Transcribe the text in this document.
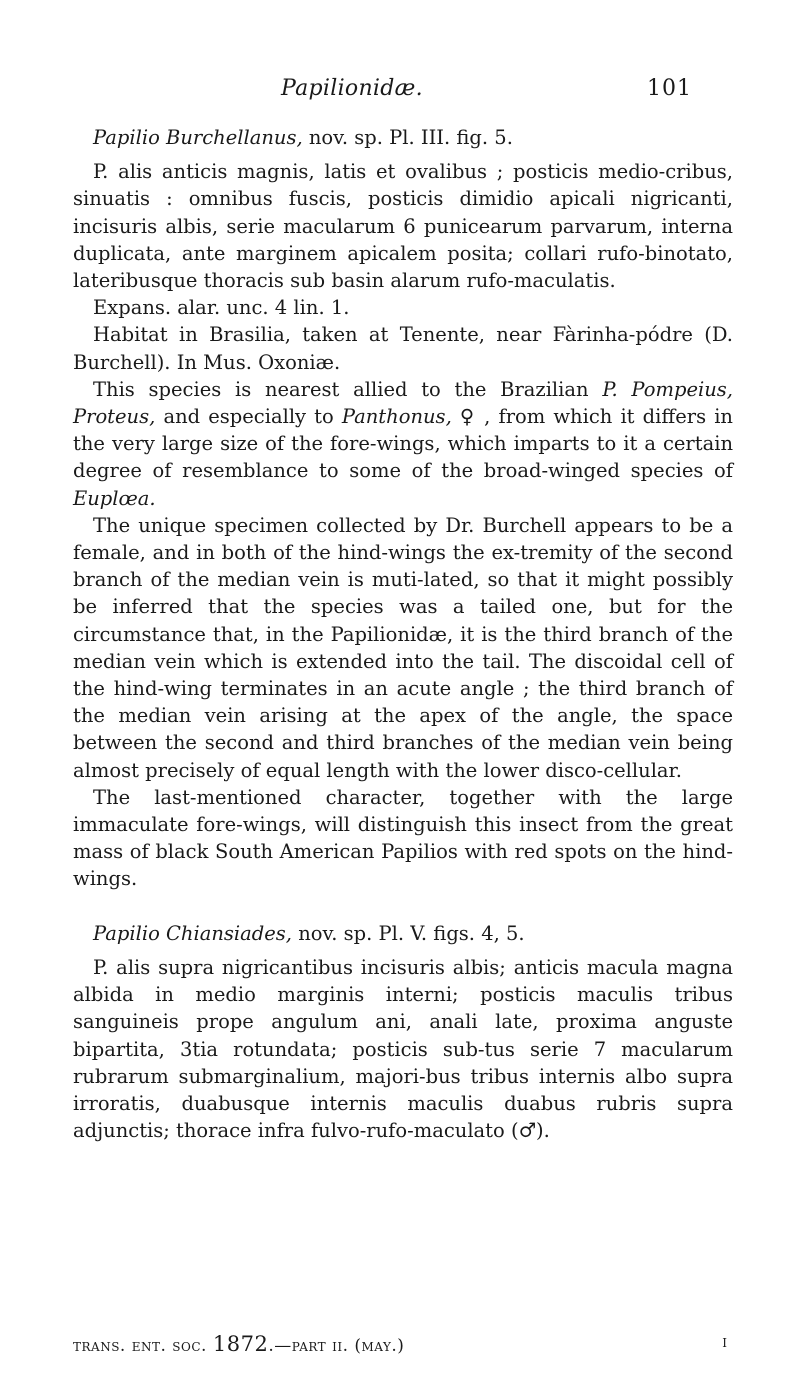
Papilionidæ.	101

Papilio Burchellanus, nov. sp. Pl. III. fig. 5.

P. alis anticis magnis, latis et ovalibus ; posticis medio-cribus, sinuatis : omnibus fuscis, posticis dimidio apicali nigricanti, incisuris albis, serie macularum 6 punicearum parvarum, interna duplicata, ante marginem apicalem posita; collari rufo-binotato, lateribusque thoracis sub basin alarum rufo-maculatis.

Expans. alar. unc. 4 lin. 1.

Habitat in Brasilia, taken at Tenente, near Fàrinha-pódre (D. Burchell). In Mus. Oxoniæ.

This species is nearest allied to the Brazilian P. Pompeius, Proteus, and especially to Panthonus, ♀ , from which it differs in the very large size of the fore-wings, which imparts to it a certain degree of resemblance to some of the broad-winged species of Euplœa.

The unique specimen collected by Dr. Burchell appears to be a female, and in both of the hind-wings the ex-tremity of the second branch of the median vein is muti-lated, so that it might possibly be inferred that the species was a tailed one, but for the circumstance that, in the Papilionidæ, it is the third branch of the median vein which is extended into the tail. The discoidal cell of the hind-wing terminates in an acute angle ; the third branch of the median vein arising at the apex of the angle, the space between the second and third branches of the median vein being almost precisely of equal length with the lower disco-cellular.

The last-mentioned character, together with the large immaculate fore-wings, will distinguish this insect from the great mass of black South American Papilios with red spots on the hind-wings.

Papilio Chiansiades, nov. sp. Pl. V. figs. 4, 5.

P. alis supra nigricantibus incisuris albis; anticis macula magna albida in medio marginis interni; posticis maculis tribus sanguineis prope angulum ani, anali late, proxima anguste bipartita, 3tia rotundata; posticis sub-tus serie 7 macularum rubrarum submarginalium, majori-bus tribus internis albo supra irroratis, duabusque internis maculis duabus rubris supra adjunctis; thorace infra fulvo-rufo-maculato (♂).

trans. ent. soc. 1872.—part ii. (may.)	i
